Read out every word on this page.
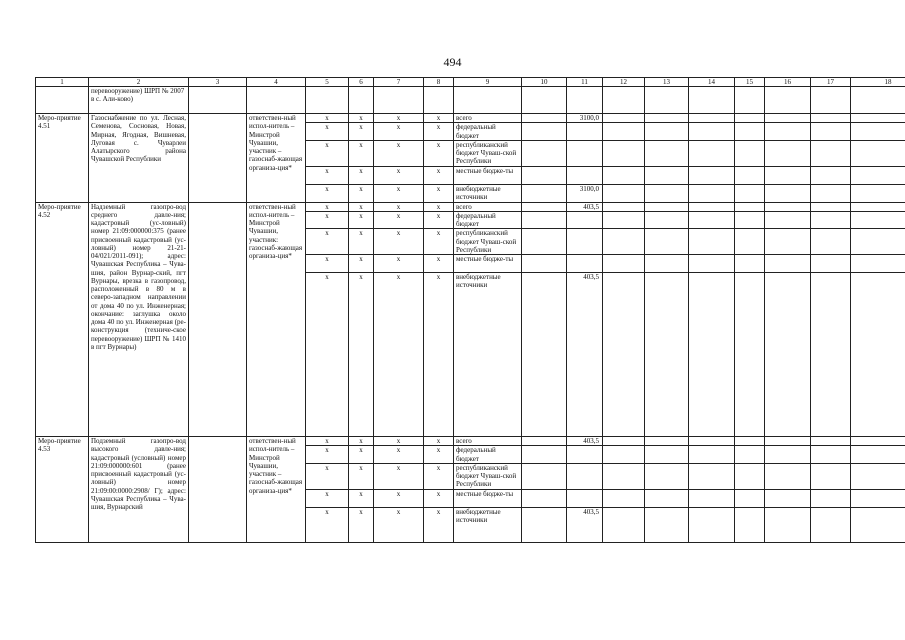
494
1	2	3	4	5	6	7	8	9	10	11	12	13	14	15	16	17	18
	перевооружение) ШРП № 2007 в с. Али-ково)																
Меро-приятие 4.51	Газоснабжение по ул. Лесная, Семенова, Сосновая, Новая, Мирная, Ягодная, Вишневая, Луговая с. Чуварлеи Алатырского района Чувашской Республики		ответствен-ный испол-нитель – Минстрой Чувашии, участник – газоснаб-жающая организа-ция*	x	x	x	x	всего		3100,0							
				x	x	x	x	федеральный бюджет									
				x	x	x	x	республиканский бюджет Чуваш-ской Республики									
				x	x	x	x	местные бюдже-ты									
				x	x	x	x	внебюджетные источники		3100,0							
Меро-приятие 4.52	Надземный газопро-вод среднего давле-ния; кадастровый (ус-ловный) номер 21:09:000000:375 (ранее присвоенный кадастровый (ус-ловный) номер 21-21-04/021/2011-091); адрес: Чувашская Республика – Чува-шия, район Вурнар-ский, пгт Вурнары, врезка в газопровод, расположенный в 80 м в северо-западном направлении от дома 40 по ул. Инженерная; окончание: заглушка около дома 40 по ул. Инженерная (ре-конструкция (техниче-ское перевооружение) ШРП № 1410 в пгт Вурнары)		ответствен-ный испол-нитель – Минстрой Чувашии, участник: газоснаб-жающая организа-ция*	x	x	x	x	всего		403,5							
				x	x	x	x	федеральный бюджет									
				x	x	x	x	республиканский бюджет Чуваш-ской Республики									
				x	x	x	x	местные бюдже-ты									
				x	x	x	x	внебюджетные источники		403,5							
Меро-приятие 4.53	Подземный газопро-вод высокого давле-ния; кадастровый (условный) номер 21:09:000000:601 (ранее присвоенный кадастровый (ус-ловный) номер 21:09:00:0000:2908/ Г); адрес: Чувашская Республика – Чува-шия, Вурнарский		ответствен-ный испол-нитель – Минстрой Чувашии, участник – газоснаб-жающая организа-ция*	x	x	x	x	всего		403,5							
				x	x	x	x	федеральный бюджет									
				x	x	x	x	республиканский бюджет Чуваш-ской Республики									
				x	x	x	x	местные бюдже-ты									
				x	x	x	x	внебюджетные источники		403,5							
